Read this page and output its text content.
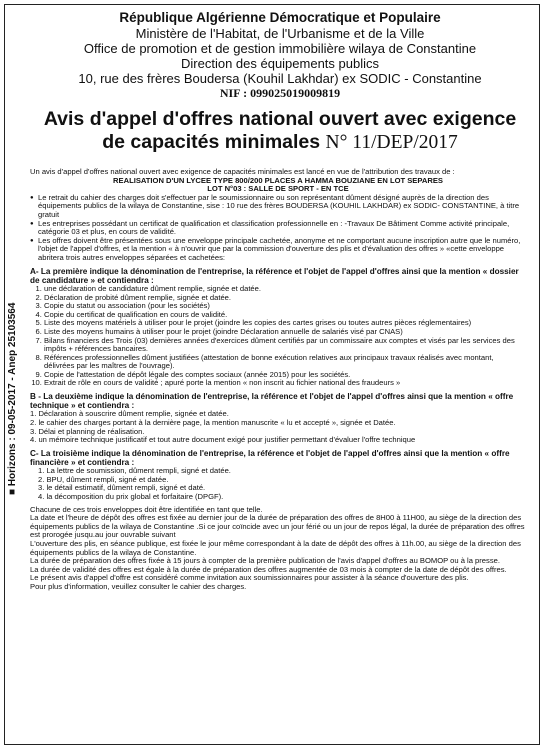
■ Horizons : 09-05-2017 - Anep 25103564
République Algérienne Démocratique et Populaire
Ministère de l'Habitat, de l'Urbanisme et de la Ville
Office de promotion et de gestion immobilière wilaya de Constantine
Direction des équipements publics
10, rue des frères Boudersa (Kouhil Lakhdar) ex SODIC - Constantine
NIF : 099025019009819
Avis d'appel d'offres national ouvert avec exigence
de capacités minimales N° 11/DEP/2017

Un avis d'appel d'offres national ouvert avec exigence de capacités minimales est lancé en vue de l'attribution des travaux de :

REALISATION D'UN LYCEE TYPE 800/200 PLACES A HAMMA BOUZIANE EN LOT SEPARES

LOT N°03 : SALLE DE SPORT - EN TCE

● Le retrait du cahier des charges doit s'effectuer par le soumissionnaire ou son représentant dûment désigné auprès de la direction des équipements publics de la wilaya de Constantine, sise : 10 rue des frères BOUDERSA (KOUHIL LAKHDAR) ex SODIC- CONSTANTINE, à titre gratuit
● Les entreprises possédant un certificat de qualification et classification professionnelle en : -Travaux De Bâtiment Comme activité principale, catégorie 03 et plus, en cours de validité.
● Les offres doivent être présentées sous une enveloppe principale cachetée, anonyme et ne comportant aucune inscription autre que le numéro, l'objet de l'appel d'offres, et la mention « à n'ouvrir que par la commission d'ouverture des plis et d'évaluation des offres » «cette enveloppe abritera trois autres enveloppes séparées et cachetées:

A- La première indique la dénomination de l'entreprise, la référence et l'objet de l'appel d'offres ainsi que la mention « dossier de candidature » et contiendra :

1. une déclaration de candidature dûment remplie, signée et datée.
2. Déclaration de probité dûment remplie, signée et datée.
3. Copie du statut ou association (pour les sociétés)
4. Copie du certificat de qualification en cours de validité.
5. Liste des moyens matériels à utiliser pour le projet (joindre les copies des cartes grises ou toutes autres pièces réglementaires)
6. Liste des moyens humains à utiliser pour le projet (joindre Déclaration annuelle de salariés visé par CNAS)
7. Bilans financiers des Trois (03) dernières années d'exercices dûment certifiés par un commissaire aux comptes et visés par les services des impôts + références bancaires.
8. Références professionnelles dûment justifiées (attestation de bonne exécution relatives aux principaux travaux réalisés avec montant, délivrées par les maîtres de l'ouvrage).
9. Copie de l'attestation de dépôt légale des comptes sociaux (année 2015) pour les sociétés.
10. Extrait de rôle en cours de validité ; apuré porte la mention « non inscrit au fichier national des fraudeurs »

B - La deuxième indique la dénomination de l'entreprise, la référence et l'objet de l'appel d'offres ainsi que la mention « offre technique » et contiendra :

1. Déclaration à souscrire dûment remplie, signée et datée.

2. le cahier des charges portant à la dernière page, la mention manuscrite « lu et accepté », signée et Datée.

3. Délai et planning de réalisation.

4. un mémoire technique justificatif et tout autre document exigé pour justifier permettant d'évaluer l'offre technique

C- La troisième indique la dénomination de l'entreprise, la référence et l'objet de l'appel d'offres ainsi que la mention « offre financière » et contiendra :

1. La lettre de soumission, dûment rempli, signé et datée.

2. BPU, dûment rempli, signé et datée.

3. le détail estimatif, dûment rempli, signé et daté.

4. la décomposition du prix global et forfaitaire (DPGF).

Chacune de ces trois enveloppes doit être identifiée en tant que telle.

La date et l'heure de dépôt des offres est fixée au dernier jour de la durée de préparation des offres de 8H00 à 11H00, au siège de la direction des équipements publics de la wilaya de Constantine .Si ce jour coïncide avec un jour férié ou un jour de repos légal, la durée de préparation des offres est prorogée jusqu.au jour ouvrable suivant

L'ouverture des plis, en séance publique, est fixée le jour même correspondant à la date de dépôt des offres à 11h.00, au siège de la direction des équipements publics de la wilaya de Constantine.

La durée de préparation des offres fixée à 15 jours à compter de la première publication de l'avis d'appel d'offres au BOMOP ou à la presse.

La durée de validité des offres est égale à la durée de préparation des offres augmentée de 03 mois à compter de la date de dépôt des offres.

Le présent avis d'appel d'offre est considéré comme invitation aux soumissionnaires pour assister à la séance d'ouverture des plis.

Pour plus d'information, veuillez consulter le cahier des charges.
